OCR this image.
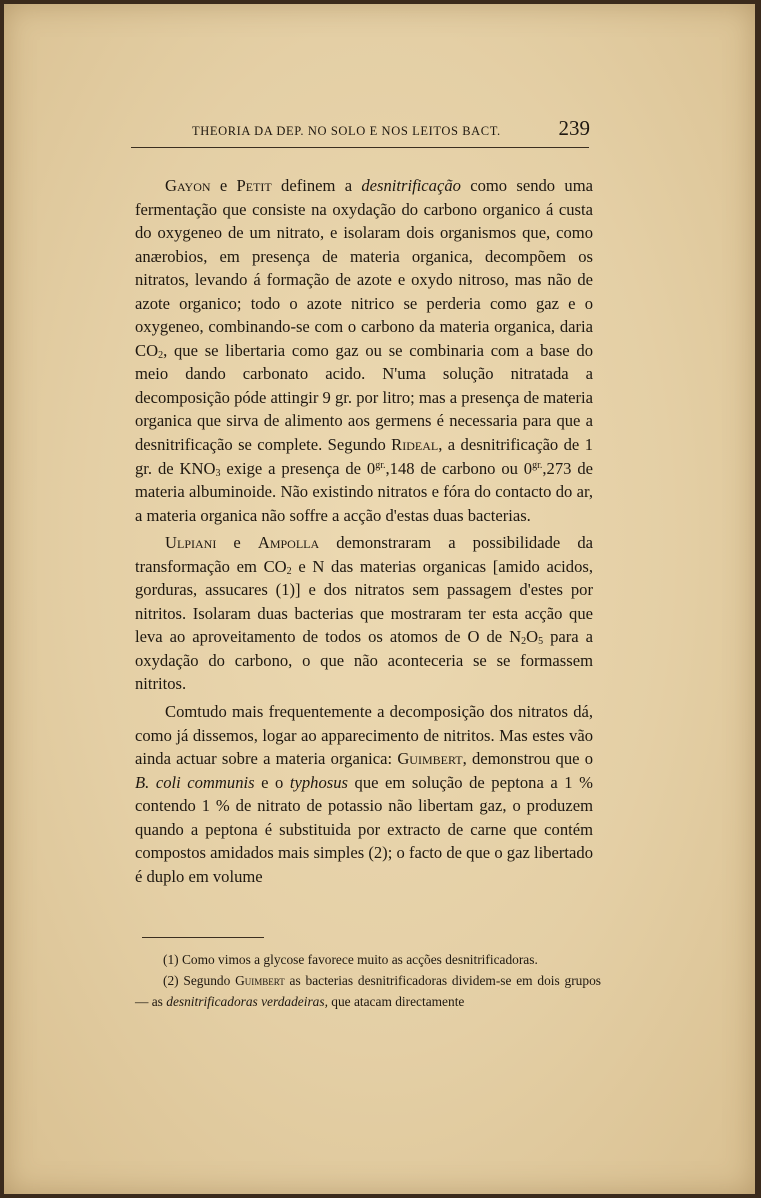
THEORIA DA DEP. NO SOLO E NOS LEITOS BACT.	239

Gayon e Petit definem a desnitrificação como sendo uma fermentação que consiste na oxydação do carbono organico á custa do oxygeneo de um nitrato, e isolaram dois organismos que, como anærobios, em presença de materia organica, decompõem os nitratos, levando á formação de azote e oxydo nitroso, mas não de azote organico; todo o azote nitrico se perderia como gaz e o oxygeneo, combinando-se com o carbono da materia organica, daria $CO_2$, que se libertaria como gaz ou se combinaria com a base do meio dando carbonato acido. N'uma solução nitratada a decomposição póde attingir 9 gr. por litro; mas a presença de materia organica que sirva de alimento aos germens é necessaria para que a desnitrificação se complete. Segundo Rideal, a desnitrificação de 1 gr. de $KNO_3$ exige a presença de $0^{gr.},148$ de carbono ou $0^{gr.},273$ de materia albuminoide. Não existindo nitratos e fóra do contacto do ar, a materia organica não soffre a acção d'estas duas bacterias.

Ulpiani e Ampolla demonstraram a possibilidade da transformação em $CO_2$ e N das materias organicas [amido acidos, gorduras, assucares (1)] e dos nitratos sem passagem d'estes por nitritos. Isolaram duas bacterias que mostraram ter esta acção que leva ao aproveitamento de todos os atomos de O de $N_2O_5$ para a oxydação do carbono, o que não aconteceria se se formassem nitritos.

Comtudo mais frequentemente a decomposição dos nitratos dá, como já dissemos, logar ao apparecimento de nitritos. Mas estes vão ainda actuar sobre a materia organica: Guimbert, demonstrou que o B. coli communis e o typhosus que em solução de peptona a 1 % contendo 1 % de nitrato de potassio não libertam gaz, o produzem quando a peptona é substituida por extracto de carne que contém compostos amidados mais simples (2); o facto de que o gaz libertado é duplo em volume

(1) Como vimos a glycose favorece muito as acções desnitrificadoras.

(2) Segundo Guimbert as bacterias desnitrificadoras dividem-se em dois grupos — as desnitrificadoras verdadeiras, que atacam directamente
